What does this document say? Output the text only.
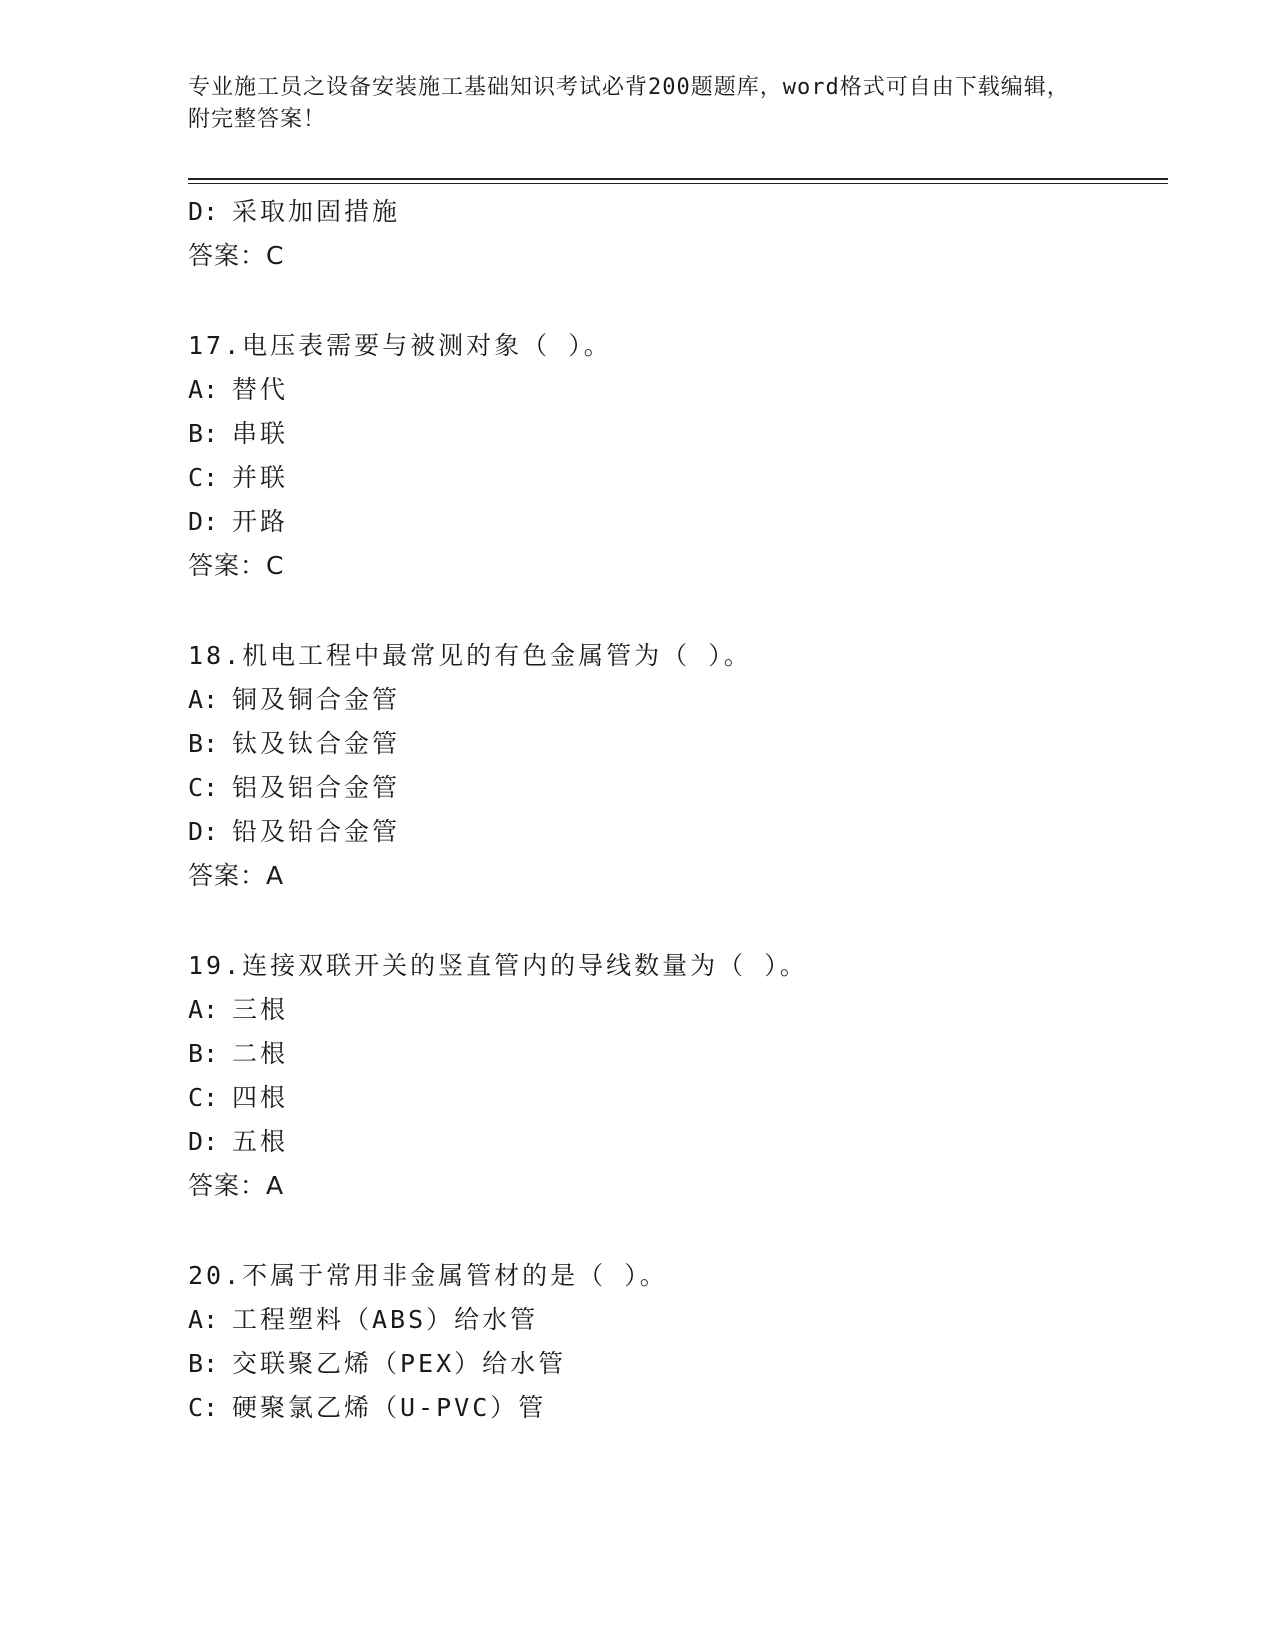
专业施工员之设备安装施工基础知识考试必背200题题库，word格式可自由下载编辑，附完整答案！
D: 采取加固措施
答案：C
17.电压表需要与被测对象（ ）。
A: 替代
B: 串联
C: 并联
D: 开路
答案：C
18.机电工程中最常见的有色金属管为（ ）。
A: 铜及铜合金管
B: 钛及钛合金管
C: 铝及铝合金管
D: 铅及铅合金管
答案：A
19.连接双联开关的竖直管内的导线数量为（ ）。
A: 三根
B: 二根
C: 四根
D: 五根
答案：A
20.不属于常用非金属管材的是（ ）。
A: 工程塑料（ABS）给水管
B: 交联聚乙烯（PEX）给水管
C: 硬聚氯乙烯（U-PVC）管
